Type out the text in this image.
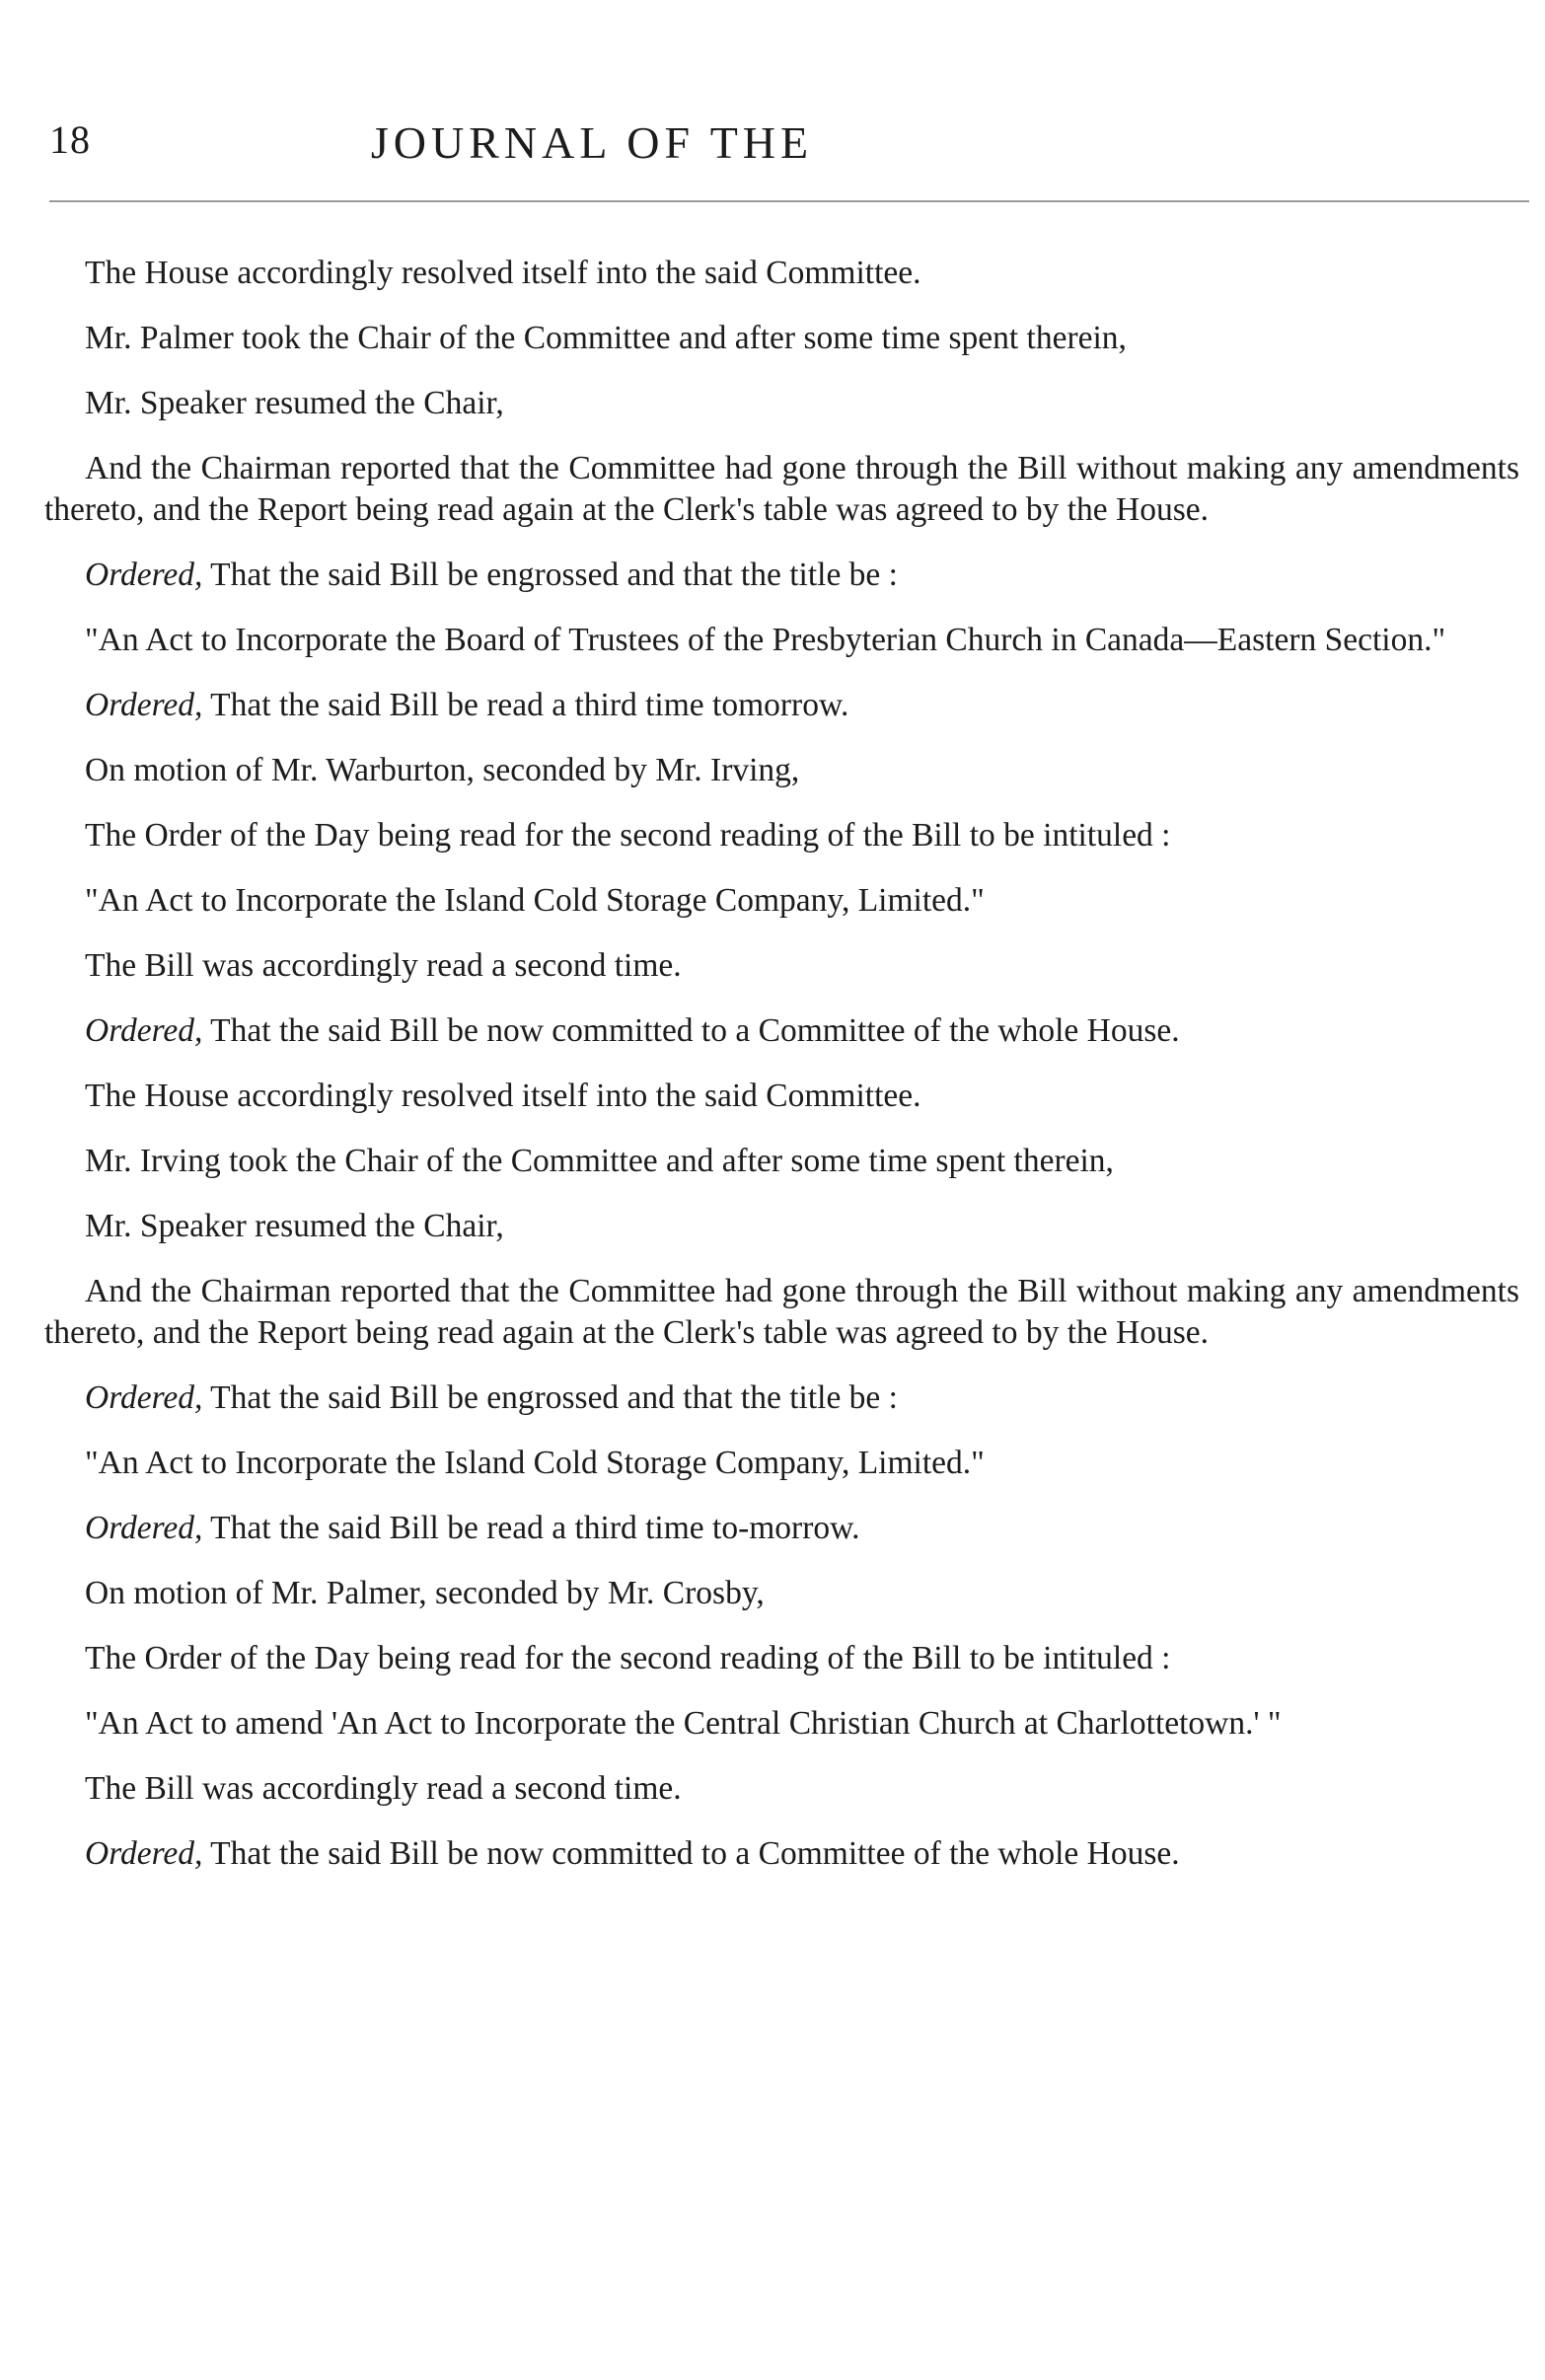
18	JOURNAL OF THE

The House accordingly resolved itself into the said Committee.

Mr. Palmer took the Chair of the Committee and after some time spent therein,

Mr. Speaker resumed the Chair,

And the Chairman reported that the Committee had gone through the Bill without making any amendments thereto, and the Report being read again at the Clerk's table was agreed to by the House.

Ordered, That the said Bill be engrossed and that the title be :

"An Act to Incorporate the Board of Trustees of the Presbyterian Church in Canada—Eastern Section."

Ordered, That the said Bill be read a third time tomorrow.

On motion of Mr. Warburton, seconded by Mr. Irving,

The Order of the Day being read for the second reading of the Bill to be intituled :

"An Act to Incorporate the Island Cold Storage Company, Limited."

The Bill was accordingly read a second time.

Ordered, That the said Bill be now committed to a Committee of the whole House.

The House accordingly resolved itself into the said Committee.

Mr. Irving took the Chair of the Committee and after some time spent therein,

Mr. Speaker resumed the Chair,

And the Chairman reported that the Committee had gone through the Bill without making any amendments thereto, and the Report being read again at the Clerk's table was agreed to by the House.

Ordered, That the said Bill be engrossed and that the title be :

"An Act to Incorporate the Island Cold Storage Company, Limited."

Ordered, That the said Bill be read a third time to-morrow.

On motion of Mr. Palmer, seconded by Mr. Crosby,

The Order of the Day being read for the second reading of the Bill to be intituled :

"An Act to amend 'An Act to Incorporate the Central Christian Church at Charlottetown.' "

The Bill was accordingly read a second time.

Ordered, That the said Bill be now committed to a Committee of the whole House.
